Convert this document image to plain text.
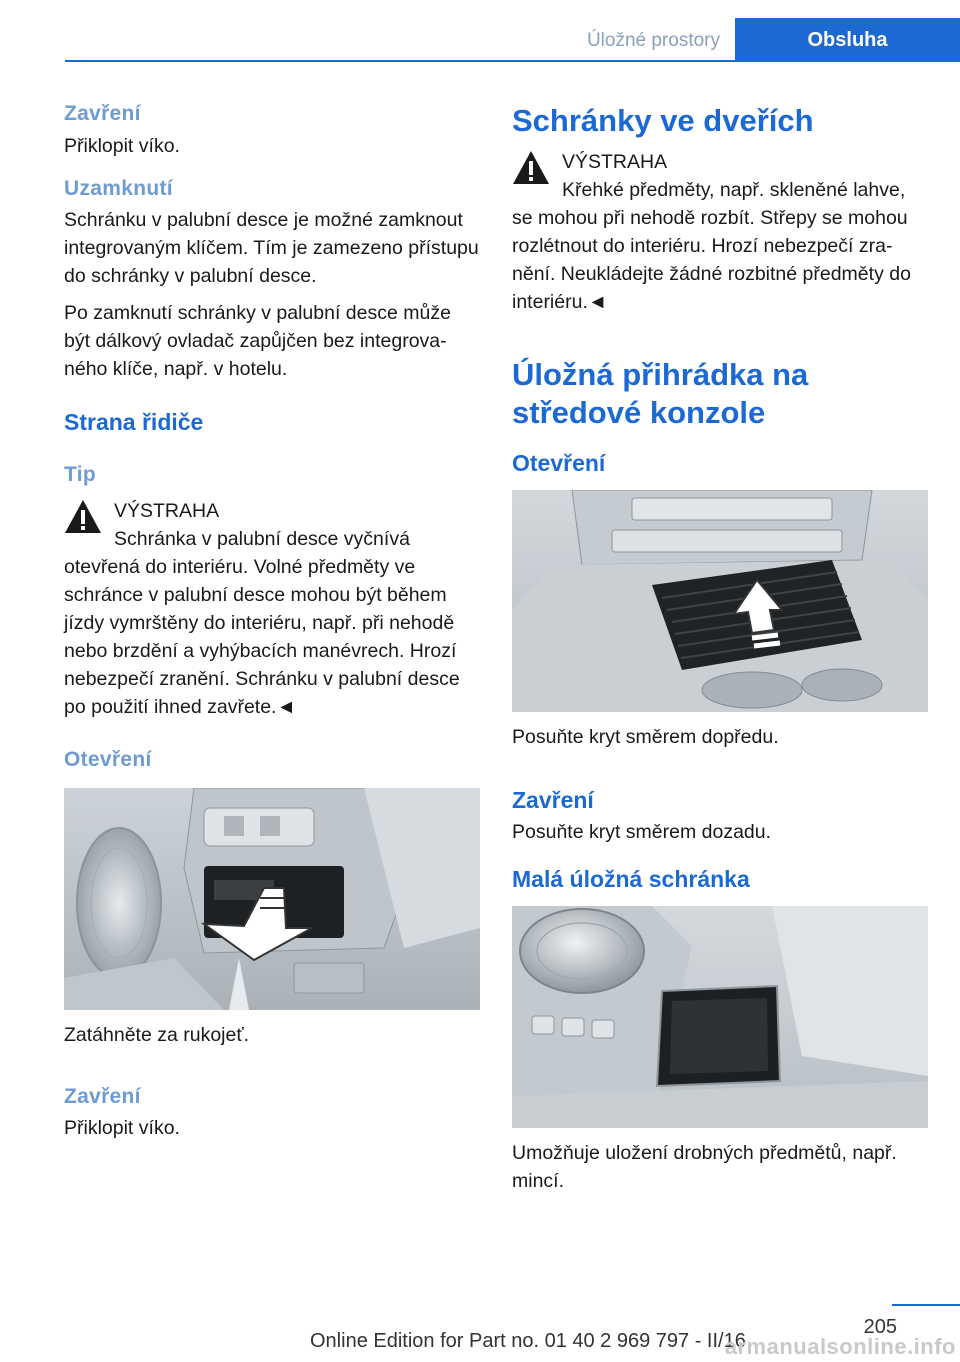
Úložné prostory	Obsluha
Zavření
Přiklopit víko.
Uzamknutí
Schránku v palubní desce je možné zamknout integrovaným klíčem. Tím je zamezeno přístupu do schránky v palubní desce.
Po zamknutí schránky v palubní desce může být dálkový ovladač zapůjčen bez integrova‐ ného klíče, např. v hotelu.
Strana řidiče
Tip
VÝSTRAHA
Schránka v palubní desce vyčnívá otevřená do interiéru. Volné předměty ve schránce v palubní desce mohou být během jízdy vymrštěny do interiéru, např. při nehodě nebo brzdění a vyhýbacích manévrech. Hrozí nebezpečí zranění. Schránku v palubní desce po použití ihned zavřete.◄
Otevření
Zatáhněte za rukojeť.
Zavření
Přiklopit víko.
Schránky ve dveřích
VÝSTRAHA
Křehké předměty, např. skleněné lahve, se mohou při nehodě rozbít. Střepy se mohou rozlétnout do interiéru. Hrozí nebezpečí zra‐ nění. Neukládejte žádné rozbitné předměty do interiéru.◄
Úložná přihrádka na středové konzole
Otevření
Posuňte kryt směrem dopředu.
Zavření
Posuňte kryt směrem dozadu.
Malá úložná schránka
Umožňuje uložení drobných předmětů, např. mincí.
205
Online Edition for Part no. 01 40 2 969 797 - II/16
armanualsonline.info
